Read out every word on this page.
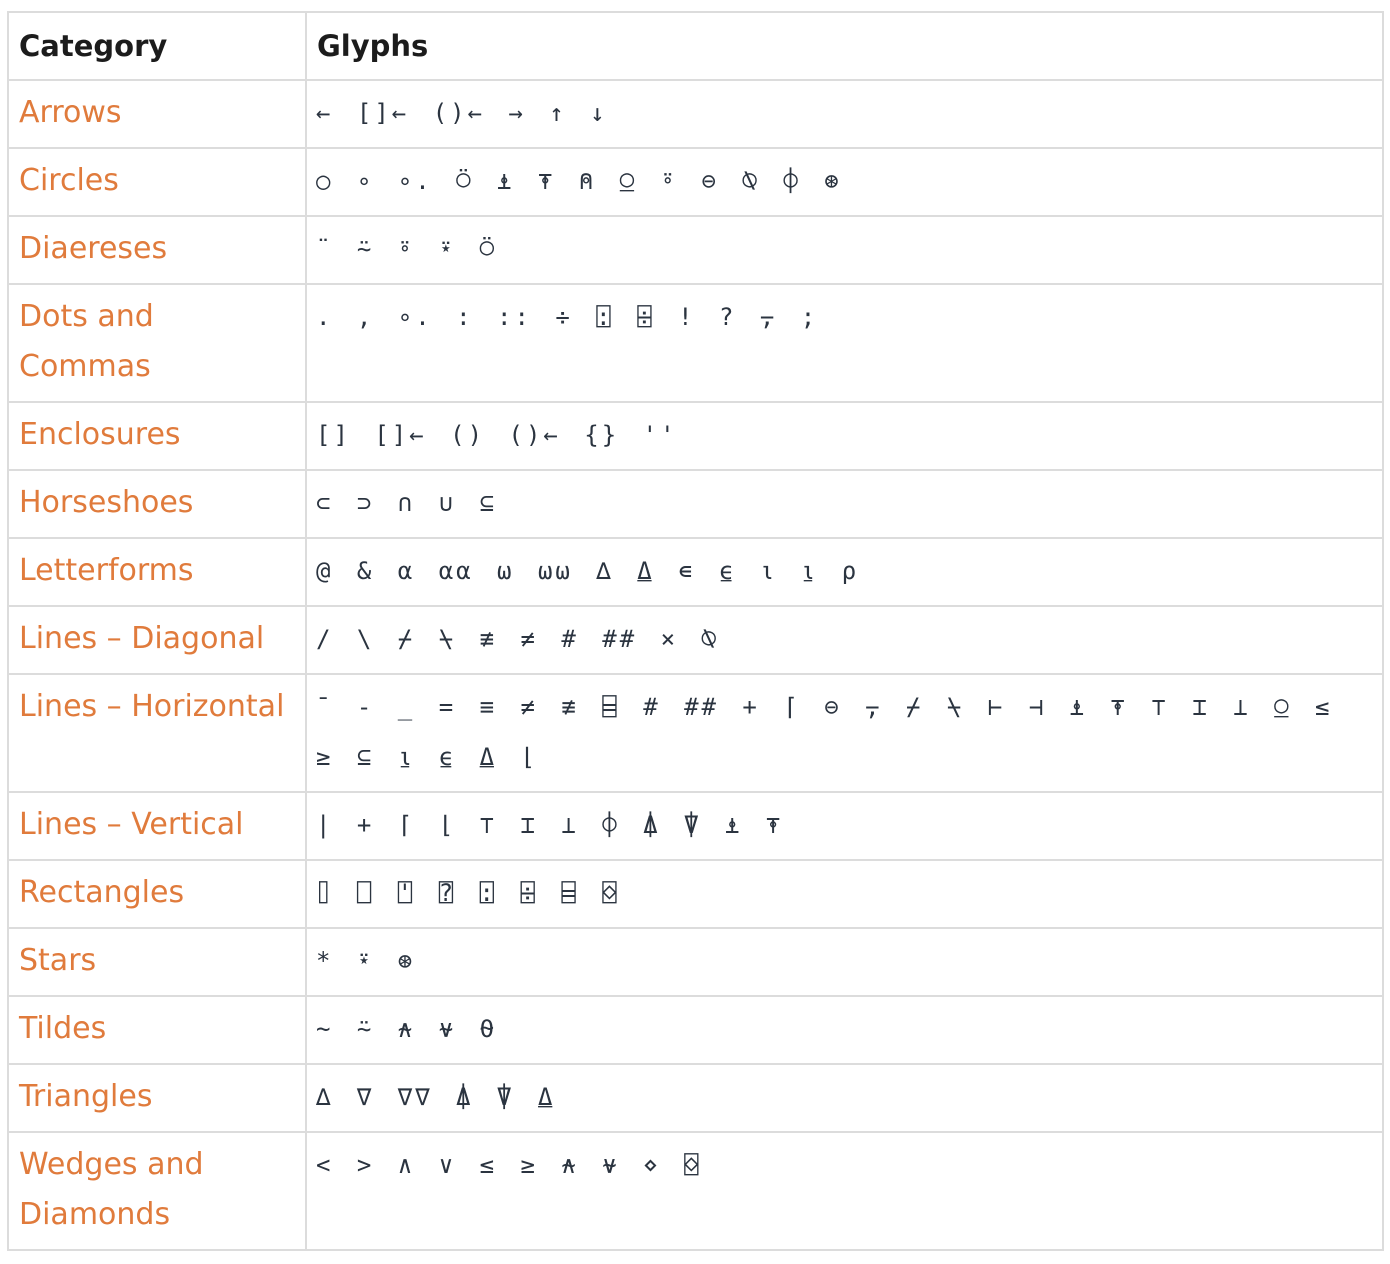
Category	Glyphs
Arrows	← []← ()← → ↑ ↓
Circles	○ ∘ ∘. ⍥ ⍎ ⍕ ⍝ ⍜ ⍤ ⊖ ⍉ ⌽ ⊛
Diaereses	¨ ⍨ ⍤ ⍣ ⍥
Dots and Commas	. , ∘. : :: ÷ ⍠ ⌹ ! ? ⍪ ;
Enclosures	[] []← () ()← {} ''
Horseshoes	⊂ ⊃ ∩ ∪ ⊆
Letterforms	@ & ⍺ ⍺⍺ ⍵ ⍵⍵ ∆ ⍙ ∊ ⍷ ⍳ ⍸ ⍴
Lines – Diagonal	/ \ ⌿ ⍀ ≢ ≠ # ## × ⍉
Lines – Horizontal	¯ - _ = ≡ ≠ ≢ ⌸ # ## + ⌈ ⊖ ⍪ ⌿ ⍀ ⊢ ⊣ ⍎ ⍕ ⊤ ⌶ ⊥ ⍜ ≤ ≥ ⊆ ⍸ ⍷ ⍙ ⌊
Lines – Vertical	| + ⌈ ⌊ ⊤ ⌶ ⊥ ⌽ ⍋ ⍒ ⍎ ⍕
Rectangles	⌷ ⎕ ⍞ ⍰ ⍠ ⌹ ⌸ ⌺
Stars	* ⍣ ⊛
Tildes	~ ⍨ ⍲ ⍱ ⍬
Triangles	∆ ∇ ∇∇ ⍋ ⍒ ⍙
Wedges and Diamonds	< > ∧ ∨ ≤ ≥ ⍲ ⍱ ⋄ ⌺
